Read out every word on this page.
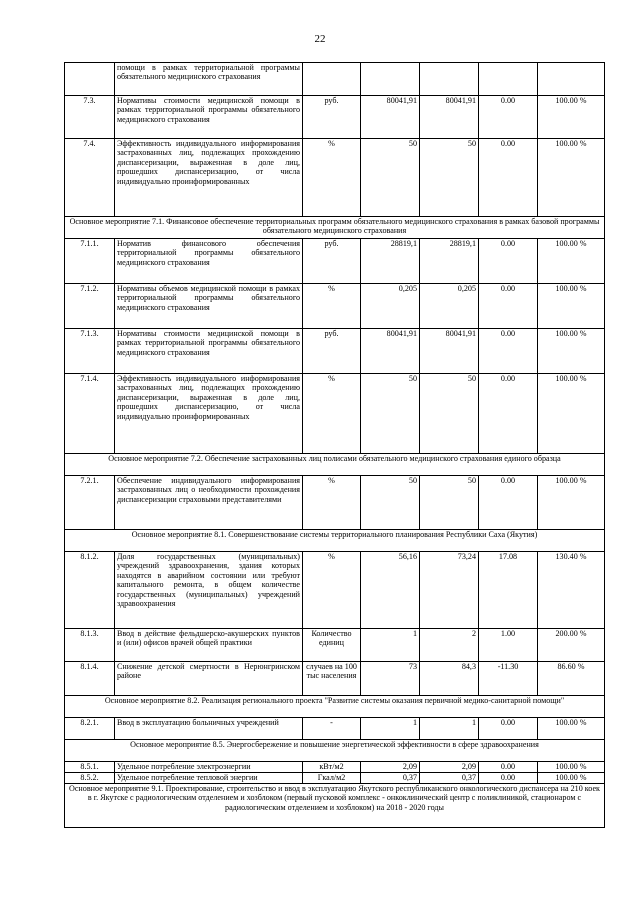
22
	помощи в рамках территориальной программы обязательного медицинского страхования					
7.3.	Нормативы стоимости медицинской помощи в рамках территориальной программы обязательного медицинского страхования	руб.	80041,91	80041,91	0.00	100.00 %
7.4.	Эффективность индивидуального информирования застрахованных лиц, подлежащих прохождению диспансеризации, выраженная в доле лиц, прошедших диспансеризацию, от числа индивидуально проинформированных	%	50	50	0.00	100.00 %
Основное мероприятие 7.1. Финансовое обеспечение территориальных программ обязательного медицинского страхования в рамках базовой программы обязательного медицинского страхования						
7.1.1.	Норматив финансового обеспечения территориальной программы обязательного медицинского страхования	руб.	28819,1	28819,1	0.00	100.00 %
7.1.2.	Нормативы объемов медицинской помощи в рамках территориальной программы обязательного медицинского страхования	%	0,205	0,205	0.00	100.00 %
7.1.3.	Нормативы стоимости медицинской помощи в рамках территориальной программы обязательного медицинского страхования	руб.	80041,91	80041,91	0.00	100.00 %
7.1.4.	Эффективность индивидуального информирования застрахованных лиц, подлежащих прохождению диспансеризации, выраженная в доле лиц, прошедших диспансеризацию, от числа индивидуально проинформированных	%	50	50	0.00	100.00 %
Основное мероприятие 7.2. Обеспечение застрахованных лиц полисами обязательного медицинского страхования единого образца						
7.2.1.	Обеспечение индивидуального информирования застрахованных лиц о необходимости прохождения диспансеризации страховыми представителями	%	50	50	0.00	100.00 %
Основное мероприятие 8.1. Совершенствование системы территориального планирования Республики Саха (Якутия)						
8.1.2.	Доля государственных (муниципальных) учреждений здравоохранения, здания которых находятся в аварийном состоянии или требуют капитального ремонта, в общем количестве государственных (муниципальных) учреждений здравоохранения	%	56,16	73,24	17.08	130.40 %
8.1.3.	Ввод в действие фельдшерско-акушерских пунктов и (или) офисов врачей общей практики	Количество единиц	1	2	1.00	200.00 %
8.1.4.	Снижение детской смертности в Нерюнгринском районе	случаев на 100 тыс населения	73	84,3	-11.30	86.60 %
Основное мероприятие 8.2. Реализация регионального проекта "Развитие системы оказания первичной медико-санитарной помощи"						
8.2.1.	Ввод в эксплуатацию больничных учреждений	-	1	1	0.00	100.00 %
Основное мероприятие 8.5. Энергосбережение и повышение энергетической эффективности в сфере здравоохранения						
8.5.1.	Удельное потребление электроэнергии	кВт/м2	2,09	2,09	0.00	100.00 %
8.5.2.	Удельное потребление тепловой энергии	Гкал/м2	0,37	0,37	0.00	100.00 %
Основное мероприятие 9.1. Проектирование, строительство и ввод в эксплуатацию Якутского республиканского онкологического диспансера на 210 коек в г. Якутске с радиологическим отделением и хозблоком (первый пусковой комплекс - онкоклинический центр с поликлиникой, стационаром с радиологическим отделением и хозблоком) на 2018 - 2020 годы						
